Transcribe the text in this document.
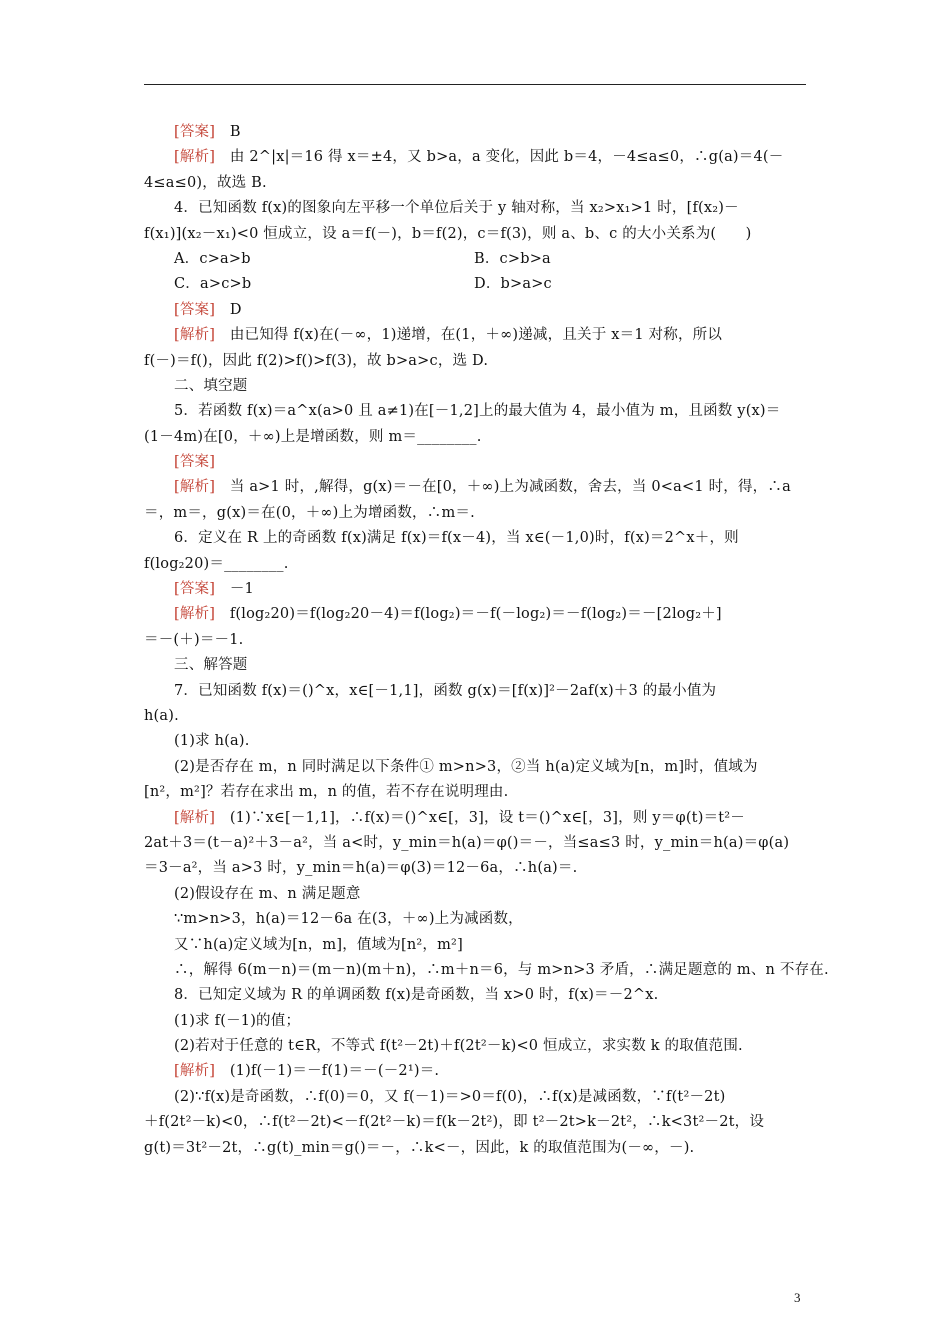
[答案]　B
[解析]　由 2^|x|＝16 得 x＝±4，又 b>a，a 变化，因此 b＝4，－4≤a≤0，∴g(a)＝4(－
4≤a≤0)，故选 B.
4．已知函数 f(x)的图象向左平移一个单位后关于 y 轴对称，当 x₂>x₁>1 时，[f(x₂)－
f(x₁)](x₂－x₁)<0 恒成立，设 a＝f(－)，b＝f(2)，c＝f(3)，则 a、b、c 的大小关系为(　　)
A．c>a>b	B．c>b>a
C．a>c>b	D．b>a>c
[答案]　D
[解析]　由已知得 f(x)在(－∞，1)递增，在(1，＋∞)递减，且关于 x＝1 对称，所以
f(－)＝f()，因此 f(2)>f()>f(3)，故 b>a>c，选 D.
二、填空题
5．若函数 f(x)＝a^x(a>0 且 a≠1)在[－1,2]上的最大值为 4，最小值为 m，且函数 y(x)＝
(1－4m)在[0，＋∞)上是增函数，则 m＝________.
[答案]
[解析]　当 a>1 时，,解得，g(x)＝－在[0，＋∞)上为减函数，舍去，当 0<a<1 时，得，∴a
＝，m＝，g(x)＝在(0，＋∞)上为增函数，∴m＝.
6．定义在 R 上的奇函数 f(x)满足 f(x)＝f(x－4)，当 x∈(－1,0)时，f(x)＝2^x＋，则
f(log₂20)＝________.
[答案]　－1
[解析]　f(log₂20)＝f(log₂20－4)＝f(log₂)＝－f(－log₂)＝－f(log₂)＝－[2log₂＋]
＝－(＋)＝－1.
三、解答题
7．已知函数 f(x)＝()^x，x∈[－1,1]，函数 g(x)＝[f(x)]²－2af(x)＋3 的最小值为
h(a).
(1)求 h(a).
(2)是否存在 m，n 同时满足以下条件① m>n>3，②当 h(a)定义域为[n，m]时，值域为
[n²，m²]？若存在求出 m，n 的值，若不存在说明理由.
[解析]　(1)∵x∈[－1,1]，∴f(x)＝()^x∈[，3]，设 t＝()^x∈[，3]，则 y＝φ(t)＝t²－
2at＋3＝(t－a)²＋3－a²，当 a<时，y_min＝h(a)＝φ()＝－，当≤a≤3 时，y_min＝h(a)＝φ(a)
＝3－a²，当 a>3 时，y_min＝h(a)＝φ(3)＝12－6a，∴h(a)＝.
(2)假设存在 m、n 满足题意
∵m>n>3，h(a)＝12－6a 在(3，＋∞)上为减函数，
又∵h(a)定义域为[n，m]，值域为[n²，m²]
∴，解得 6(m－n)＝(m－n)(m＋n)，∴m＋n＝6，与 m>n>3 矛盾，∴满足题意的 m、n 不存在.
8．已知定义域为 R 的单调函数 f(x)是奇函数，当 x>0 时，f(x)＝－2^x.
(1)求 f(－1)的值；
(2)若对于任意的 t∈R，不等式 f(t²－2t)＋f(2t²－k)<0 恒成立，求实数 k 的取值范围.
[解析]　(1)f(－1)＝－f(1)＝－(－2¹)＝.
(2)∵f(x)是奇函数，∴f(0)＝0，又 f(－1)＝>0＝f(0)，∴f(x)是减函数，∵f(t²－2t)
＋f(2t²－k)<0，∴f(t²－2t)<－f(2t²－k)＝f(k－2t²)，即 t²－2t>k－2t²，∴k<3t²－2t，设
g(t)＝3t²－2t，∴g(t)_min＝g()＝－，∴k<－，因此，k 的取值范围为(－∞，－).
3
